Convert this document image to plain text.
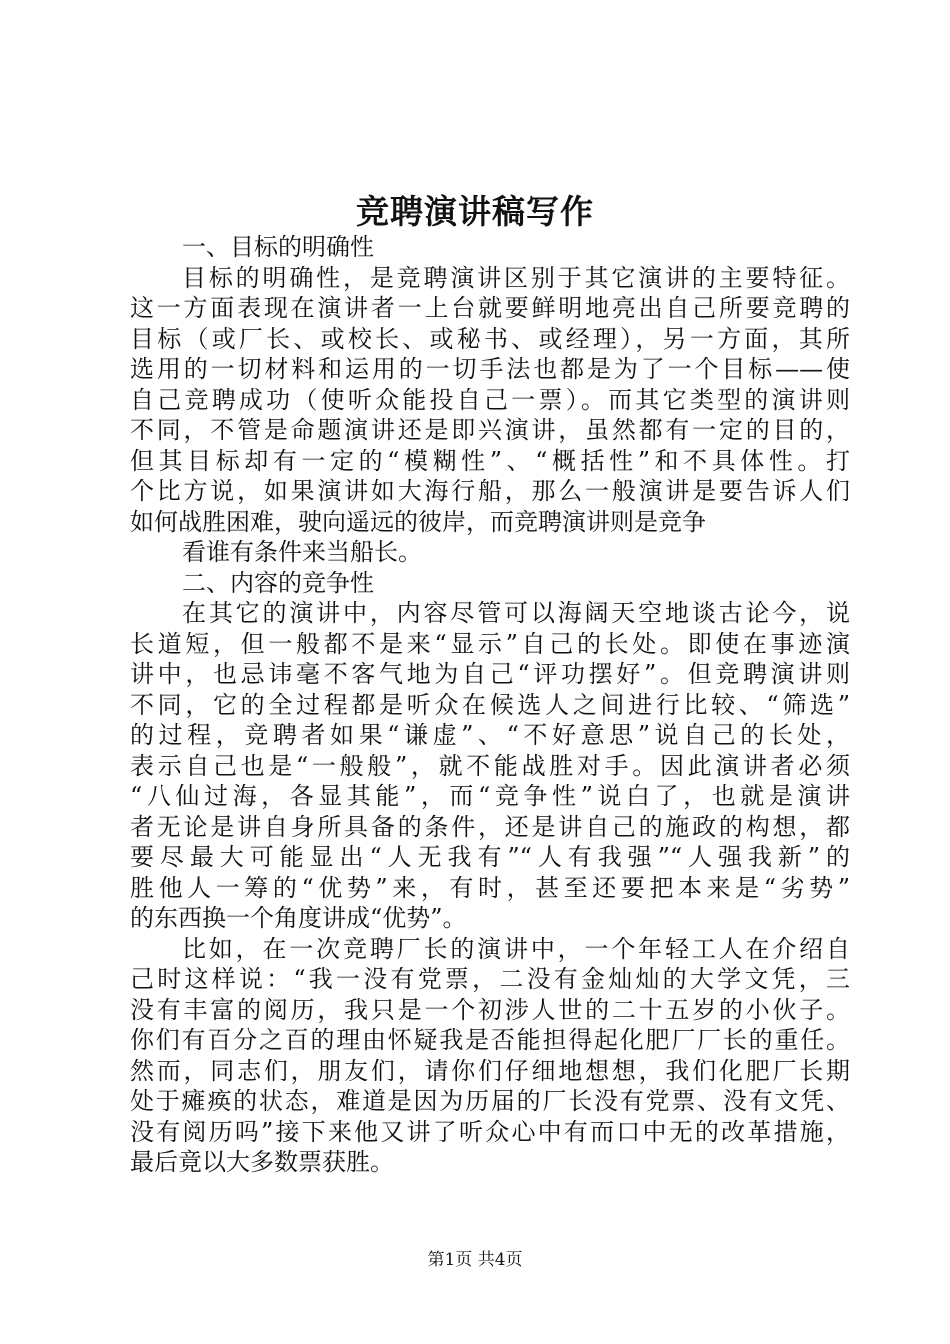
竞聘演讲稿写作
一、目标的明确性
目标的明确性，是竞聘演讲区别于其它演讲的主要特征。
这一方面表现在演讲者一上台就要鲜明地亮出自己所要竞聘的
目标（或厂长、或校长、或秘书、或经理），另一方面，其所
选用的一切材料和运用的一切手法也都是为了一个目标——使
自己竞聘成功（使听众能投自己一票）。而其它类型的演讲则
不同，不管是命题演讲还是即兴演讲，虽然都有一定的目的，
但其目标却有一定的“模糊性”、“概括性”和不具体性。打
个比方说，如果演讲如大海行船，那么一般演讲是要告诉人们
如何战胜困难，驶向遥远的彼岸，而竞聘演讲则是竞争
看谁有条件来当船长。
二、内容的竞争性
在其它的演讲中，内容尽管可以海阔天空地谈古论今，说
长道短，但一般都不是来“显示”自己的长处。即使在事迹演
讲中，也忌讳毫不客气地为自己“评功摆好”。但竞聘演讲则
不同，它的全过程都是听众在候选人之间进行比较、“筛选”
的过程，竞聘者如果“谦虚”、“不好意思”说自己的长处，
表示自己也是“一般般”，就不能战胜对手。因此演讲者必须
“八仙过海，各显其能”，而“竞争性”说白了，也就是演讲
者无论是讲自身所具备的条件，还是讲自己的施政的构想，都
要尽最大可能显出“人无我有”“人有我强”“人强我新”的
胜他人一筹的“优势”来，有时，甚至还要把本来是“劣势”
的东西换一个角度讲成“优势”。
比如，在一次竞聘厂长的演讲中，一个年轻工人在介绍自
己时这样说：“我一没有党票，二没有金灿灿的大学文凭，三
没有丰富的阅历，我只是一个初涉人世的二十五岁的小伙子。
你们有百分之百的理由怀疑我是否能担得起化肥厂厂长的重任。
然而，同志们，朋友们，请你们仔细地想想，我们化肥厂长期
处于瘫痪的状态，难道是因为历届的厂长没有党票、没有文凭、
没有阅历吗”接下来他又讲了听众心中有而口中无的改革措施，
最后竟以大多数票获胜。
第1页 共4页
